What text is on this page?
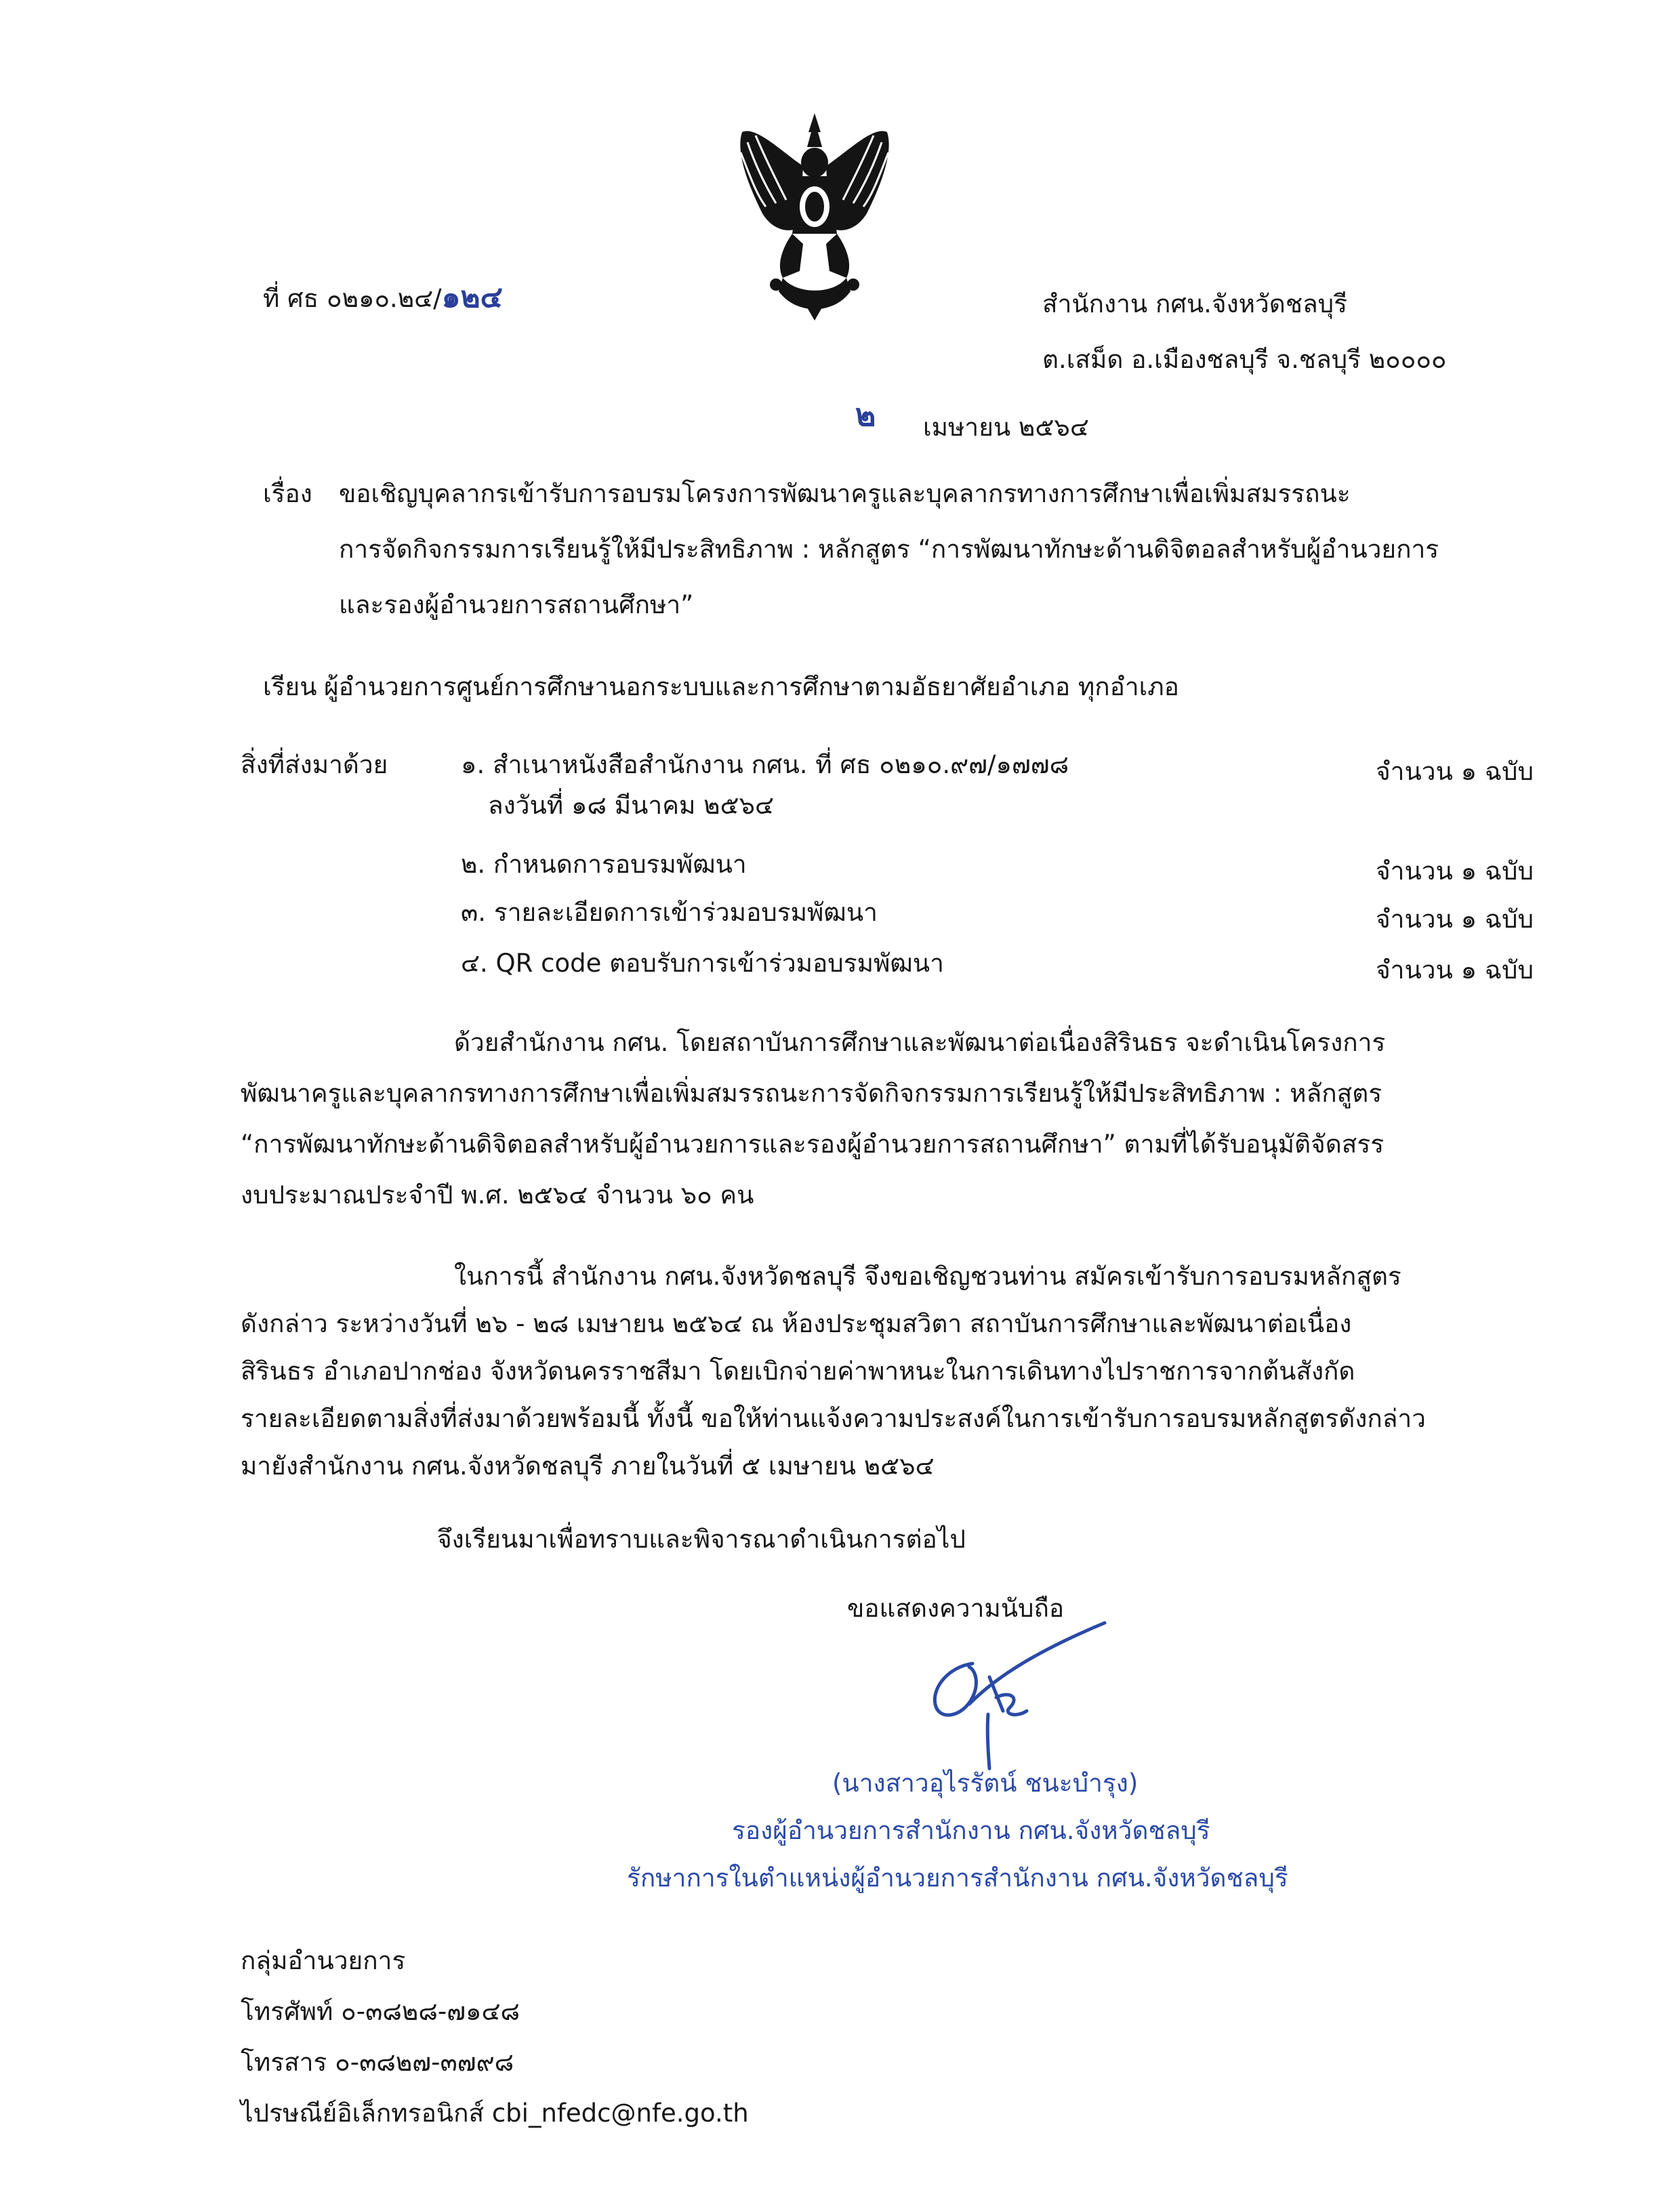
ที่ ศธ ๐๒๑๐.๒๔/๑๒๔	สำนักงาน กศน.จังหวัดชลบุรี
ต.เสม็ด อ.เมืองชลบุรี จ.ชลบุรี ๒๐๐๐๐
๒ เมษายน ๒๕๖๔
เรื่อง ขอเชิญบุคลากรเข้ารับการอบรมโครงการพัฒนาครูและบุคลากรทางการศึกษาเพื่อเพิ่มสมรรถนะ
การจัดกิจกรรมการเรียนรู้ให้มีประสิทธิภาพ : หลักสูตร “การพัฒนาทักษะด้านดิจิตอลสำหรับผู้อำนวยการ
และรองผู้อำนวยการสถานศึกษา”
เรียน ผู้อำนวยการศูนย์การศึกษานอกระบบและการศึกษาตามอัธยาศัยอำเภอ ทุกอำเภอ
สิ่งที่ส่งมาด้วย	๑. สำเนาหนังสือสำนักงาน กศน. ที่ ศธ ๐๒๑๐.๙๗/๑๗๗๘	จำนวน ๑ ฉบับ
ลงวันที่ ๑๘ มีนาคม ๒๕๖๔
๒. กำหนดการอบรมพัฒนา	จำนวน ๑ ฉบับ
๓. รายละเอียดการเข้าร่วมอบรมพัฒนา	จำนวน ๑ ฉบับ
๔. QR code ตอบรับการเข้าร่วมอบรมพัฒนา	จำนวน ๑ ฉบับ
ด้วยสำนักงาน กศน. โดยสถาบันการศึกษาและพัฒนาต่อเนื่องสิรินธร จะดำเนินโครงการ
พัฒนาครูและบุคลากรทางการศึกษาเพื่อเพิ่มสมรรถนะการจัดกิจกรรมการเรียนรู้ให้มีประสิทธิภาพ : หลักสูตร
“การพัฒนาทักษะด้านดิจิตอลสำหรับผู้อำนวยการและรองผู้อำนวยการสถานศึกษา” ตามที่ได้รับอนุมัติจัดสรร
งบประมาณประจำปี พ.ศ. ๒๕๖๔ จำนวน ๖๐ คน
ในการนี้ สำนักงาน กศน.จังหวัดชลบุรี จึงขอเชิญชวนท่าน สมัครเข้ารับการอบรมหลักสูตร
ดังกล่าว ระหว่างวันที่ ๒๖ - ๒๘ เมษายน ๒๕๖๔ ณ ห้องประชุมสวิตา สถาบันการศึกษาและพัฒนาต่อเนื่อง
สิรินธร อำเภอปากช่อง จังหวัดนครราชสีมา โดยเบิกจ่ายค่าพาหนะในการเดินทางไปราชการจากต้นสังกัด
รายละเอียดตามสิ่งที่ส่งมาด้วยพร้อมนี้ ทั้งนี้ ขอให้ท่านแจ้งความประสงค์ในการเข้ารับการอบรมหลักสูตรดังกล่าว
มายังสำนักงาน กศน.จังหวัดชลบุรี ภายในวันที่ ๕ เมษายน ๒๕๖๔
จึงเรียนมาเพื่อทราบและพิจารณาดำเนินการต่อไป
ขอแสดงความนับถือ
(นางสาวอุไรรัตน์ ชนะบำรุง)
รองผู้อำนวยการสำนักงาน กศน.จังหวัดชลบุรี
รักษาการในตำแหน่งผู้อำนวยการสำนักงาน กศน.จังหวัดชลบุรี
กลุ่มอำนวยการ
โทรศัพท์ ๐-๓๘๒๘-๗๑๔๘
โทรสาร ๐-๓๘๒๗-๓๗๙๘
ไปรษณีย์อิเล็กทรอนิกส์ cbi_nfedc@nfe.go.th
